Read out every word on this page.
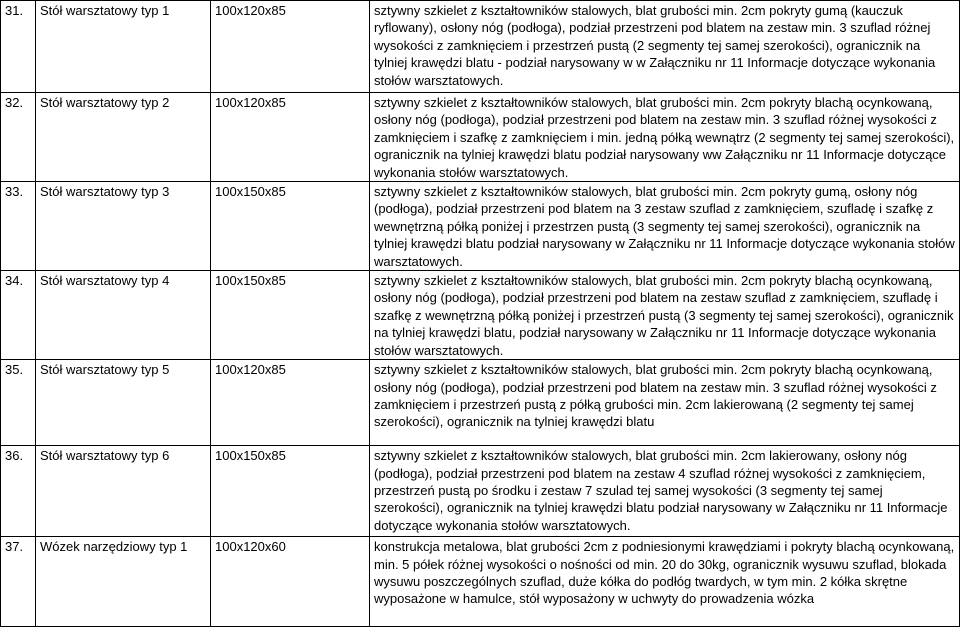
31.	Stół warsztatowy typ 1	100x120x85	sztywny szkielet z kształtowników stalowych, blat grubości min. 2cm pokryty gumą (kauczuk ryflowany), osłony nóg (podłoga), podział przestrzeni pod blatem na zestaw min. 3 szuflad różnej wysokości z zamknięciem i przestrzeń pustą (2 segmenty tej samej szerokości), ogranicznik na tylniej krawędzi blatu - podział narysowany w w Załączniku nr 11 Informacje dotyczące wykonania stołów warsztatowych.
32.	Stół warsztatowy typ 2	100x120x85	sztywny szkielet z kształtowników stalowych, blat grubości min. 2cm pokryty blachą ocynkowaną, osłony nóg (podłoga), podział przestrzeni pod blatem na zestaw min. 3 szuflad różnej wysokości z zamknięciem i szafkę z zamknięciem i min. jedną półką wewnątrz (2 segmenty tej samej szerokości), ogranicznik na tylniej krawędzi blatu podział narysowany ww Załączniku nr 11 Informacje dotyczące wykonania stołów warsztatowych.
33.	Stół warsztatowy typ 3	100x150x85	sztywny szkielet z kształtowników stalowych, blat grubości min. 2cm pokryty gumą, osłony nóg (podłoga), podział przestrzeni pod blatem na 3 zestaw szuflad z zamknięciem, szufladę i szafkę z wewnętrzną półką poniżej i przestrzen pustą (3 segmenty tej samej szerokości), ogranicznik na tylniej krawędzi blatu podział narysowany w Załączniku nr 11 Informacje dotyczące wykonania stołów warsztatowych.
34.	Stół warsztatowy typ 4	100x150x85	sztywny szkielet z kształtowników stalowych, blat grubości min. 2cm pokryty blachą ocynkowaną, osłony nóg (podłoga), podział przestrzeni pod blatem na zestaw szuflad z zamknięciem, szufladę i szafkę z wewnętrzną półką poniżej i przestrzeń pustą (3 segmenty tej samej szerokości), ogranicznik na tylniej krawędzi blatu, podział narysowany w Załączniku nr 11 Informacje dotyczące wykonania stołów warsztatowych.
35.	Stół warsztatowy typ 5	100x120x85	sztywny szkielet z kształtowników stalowych, blat grubości min. 2cm pokryty blachą ocynkowaną, osłony nóg (podłoga), podział przestrzeni pod blatem na zestaw min. 3 szuflad różnej wysokości z zamknięciem i przestrzeń pustą z półką grubości min. 2cm lakierowaną (2 segmenty tej samej szerokości), ogranicznik na tylniej krawędzi blatu
36.	Stół warsztatowy typ 6	100x150x85	sztywny szkielet z kształtowników stalowych, blat grubości min. 2cm lakierowany, osłony nóg (podłoga), podział przestrzeni pod blatem na zestaw 4 szuflad różnej wysokości z zamknięciem, przestrzeń pustą po środku i zestaw 7 szulad tej samej wysokości (3 segmenty tej samej szerokości), ogranicznik na tylniej krawędzi blatu podział narysowany w Załączniku nr 11 Informacje dotyczące wykonania stołów warsztatowych.
37.	Wózek narzędziowy typ 1	100x120x60	konstrukcja metalowa, blat grubości 2cm z podniesionymi krawędziami i pokryty blachą ocynkowaną, min. 5 półek różnej wysokości o nośności od min. 20 do 30kg, ogranicznik wysuwu szuflad, blokada wysuwu poszczególnych szuflad, duże kółka do podłóg twardych, w tym min. 2 kółka skrętne wyposażone w hamulce, stół wyposażony w uchwyty do prowadzenia wózka
